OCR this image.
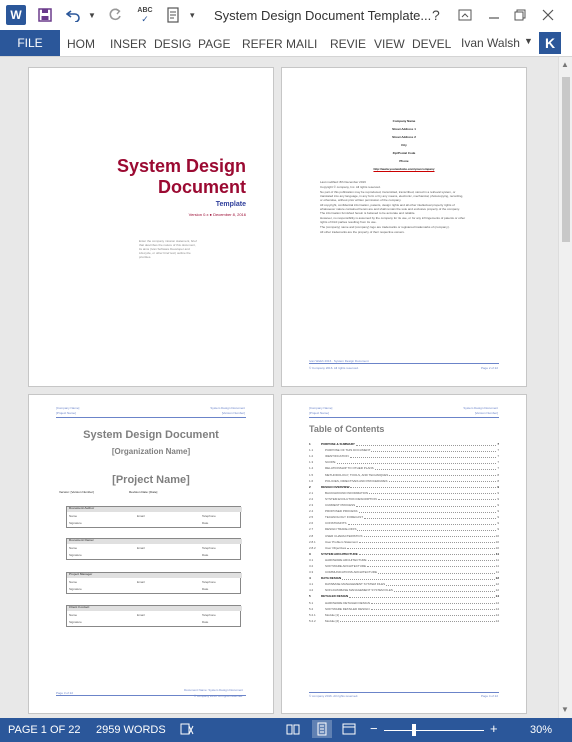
W	▼
ABC
✓	▾ System Design Document Template... ?
FILE	HOM INSER DESIG PAGE REFER MAILI REVIE VIEW DEVEL Ivan Walsh ▼ K
System Design
Document
Template
Version 0.x ● December 8, 2016
Enter the company mission statement, brief
that describes the nature of this document,
its aims (Ivan Software Developer and
Lifecycle, or other brief text) outline the
priorities.
Company Name
Street Address 1
Street Address 2
City
Zip/Postal Code
Phone
http://www.yourwebsite.com/yourcompany
Last modified: 8th December 2016
Copyright © company, Inc. All rights reserved.
No part of this publication may be reproduced, transmitted, transcribed, stored in a retrieval system, or
translated into any language, in any form or by any means, electronic, mechanical, photocopying, recording,
or otherwise, without prior written permission of the company.
All copyright, confidential information, patents, design rights and all other intellectual property rights of
whatsoever nature contained herein are and shall remain the sole and exclusive property of the company.
The information furnished herein is believed to be accurate and reliable.
However, no responsibility is assumed by the company for its use, or for any infringements of patents or other
rights of third parties resulting from its use.
The (company) name and (company) logo are trademarks or registered trademarks of (company).
All other trademarks are the property of their respective owners.
Ivan Walsh 2016 · System Design Document
© Company 2016. All rights reserved.	Page 2 of 22
[Company Name]
[Project Name]
System Design Document
[Version Number]
System Design Document
[Organization Name]
[Project Name]
Version: [Version Number]	Revision Date: [Date]
Document Author
Name	Email	Telephone
Signature	Date
Document Owner
Name	Email	Telephone
Signature	Date
Project Manager
Name	Email	Telephone
Signature	Date
Client Contact
Name	Email	Telephone
Signature	Date
Page 3 of 22
Document Name: System Design Document
© company 2016. All rights reserved.
[Company Name]
[Project Name]
System Design Document
[Version Number]
Table of Contents
1	PURPOSE & SUMMARY	7
1.1	PURPOSE OF THIS DOCUMENT	7
1.2	IDENTIFICATION	7
1.3	SCOPE	7
1.4	RELATIONSHIP TO OTHER PLANS	7
1.5	METHODOLOGY, TOOLS, AND TECHNIQUES	8
1.6	POLICIES, DIRECTIVES AND PROCEDURES	8
2	DESIGN OVERVIEW	9
2.1	BACKGROUND INFORMATION	9
2.2	SYSTEM EVOLUTION DESCRIPTION	9
2.3	CURRENT PROCESS	9
2.4	PROPOSED PROCESS	9
2.5	TECHNOLOGY FORECAST	9
2.6	CONSTRAINTS	9
2.7	DESIGN TRADE-OFFS	9
2.8	USER CHARACTERISTICS	10
2.8.1	User Problem Statement	10
2.8.2	User Objectives	10
3	SYSTEM ARCHITECTURE	11
3.1	HARDWARE ARCHITECTURE	11
3.2	SOFTWARE ARCHITECTURE	11
3.3	COMMUNICATIONS ARCHITECTURE	11
4	DATA DESIGN	12
4.1	DATABASE MANAGEMENT SYSTEM FILES	12
4.2	NON-DATABASE MANAGEMENT SYSTEM FILES	12
5	DETAILED DESIGN	14
5.1	HARDWARE DETAILED DESIGN	14
5.2	SOFTWARE DETAILED DESIGN	14
5.2.1	Module [1]	14
5.2.2	Module [2]	14
© company 2016. All rights reserved.	Page 4 of 22
▲
▼
PAGE 1 OF 22 2959 WORDS	−	+	30%
